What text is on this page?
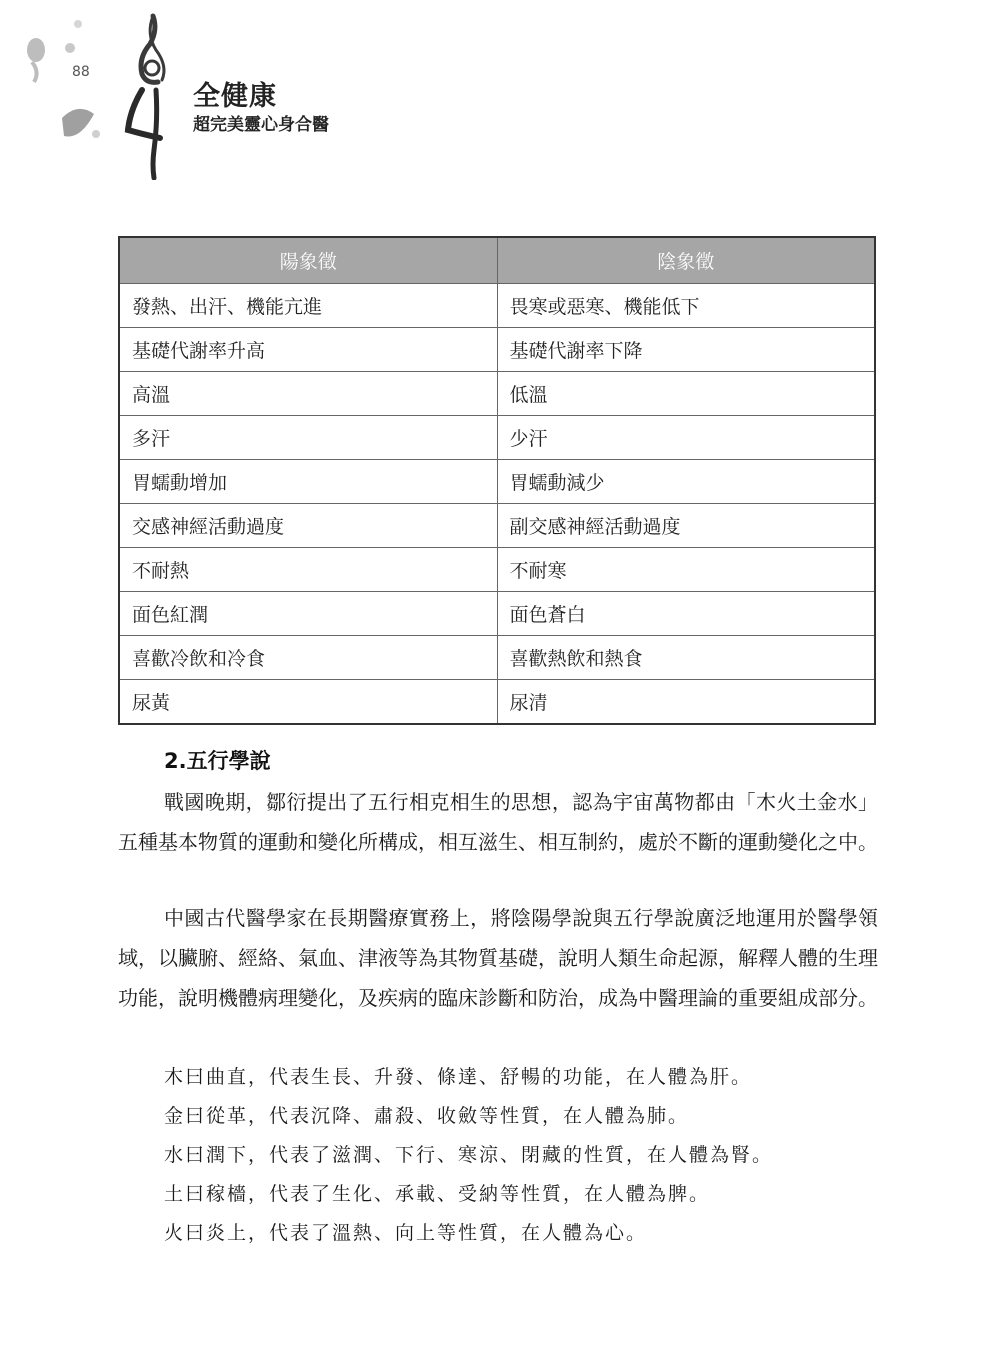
88
全健康
超完美靈心身合醫
陽象徵	陰象徵
發熱、出汗、機能亢進	畏寒或惡寒、機能低下
基礎代謝率升高	基礎代謝率下降
高溫	低溫
多汗	少汗
胃蠕動增加	胃蠕動減少
交感神經活動過度	副交感神經活動過度
不耐熱	不耐寒
面色紅潤	面色蒼白
喜歡冷飲和冷食	喜歡熱飲和熱食
尿黃	尿清
2.五行學說

戰國晚期，鄒衍提出了五行相克相生的思想，認為宇宙萬物都由「木火土金水」五種基本物質的運動和變化所構成，相互滋生、相互制約，處於不斷的運動變化之中。

中國古代醫學家在長期醫療實務上，將陰陽學說與五行學說廣泛地運用於醫學領域，以臟腑、經絡、氣血、津液等為其物質基礎，說明人類生命起源，解釋人體的生理功能，說明機體病理變化，及疾病的臨床診斷和防治，成為中醫理論的重要組成部分。

木曰曲直，代表生長、升發、條達、舒暢的功能，在人體為肝。
金曰從革，代表沉降、肅殺、收斂等性質，在人體為肺。
水曰潤下，代表了滋潤、下行、寒涼、閉藏的性質，在人體為腎。
土曰稼檣，代表了生化、承載、受納等性質，在人體為脾。
火曰炎上，代表了溫熱、向上等性質，在人體為心。
